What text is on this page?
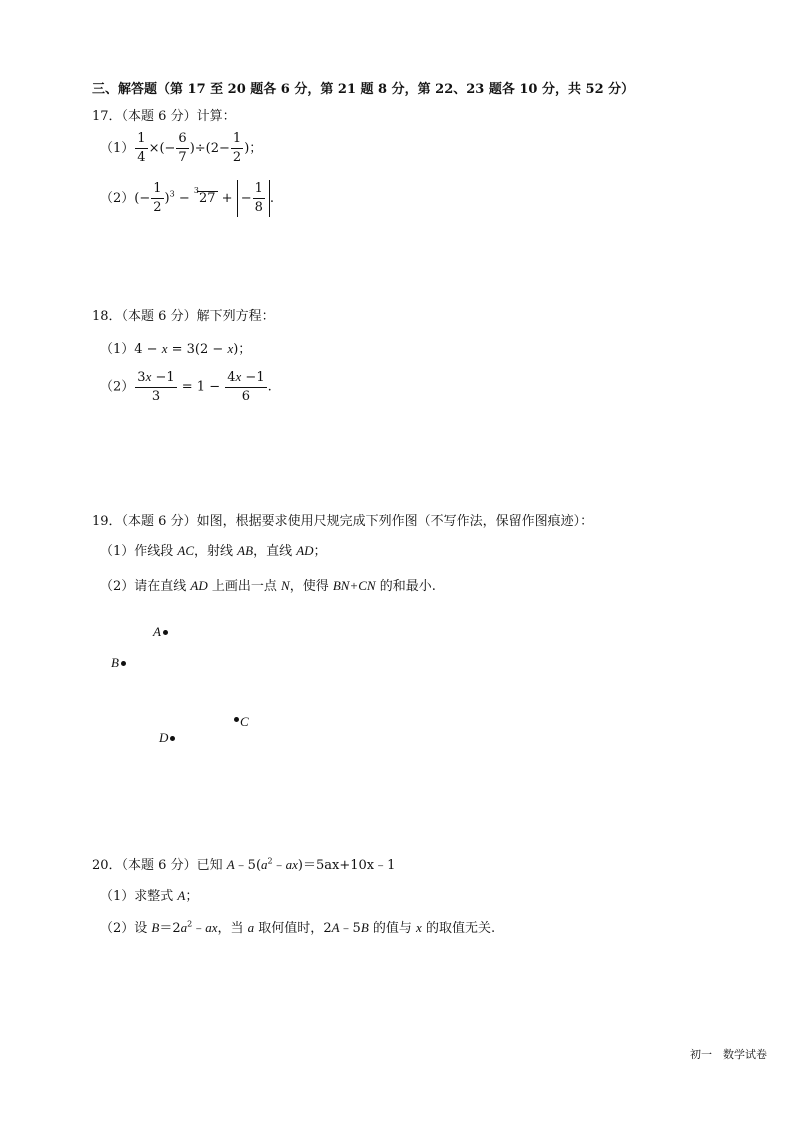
三、解答题（第 17 至 20 题各 6 分，第 21 题 8 分，第 22、23 题各 10 分，共 52 分）
17．（本题 6 分）计算：
$(1) \frac{1}{4}$ ×(− $\frac{6}{7} )\div(2- \frac{1}{2}$ )；
$(2)(- \frac{1}{2} )^3 - ^327$ + − $\frac{1}{8}$ .
18．（本题 6 分）解下列方程：
（1）4 − x = 3(2 − x)；
$(2) \frac{3x -1}{3} = 1 - \frac{4x -1}{6}$ .
19．（本题 6 分）如图，根据要求使用尺规完成下列作图（不写作法，保留作图痕迹）：
（1）作线段 AC，射线 AB，直线 AD；
（2）请在直线 AD 上画出一点 N，使得 BN+CN 的和最小.
A
B
C
D
20．（本题 6 分）已知 $A﹣5(a^2﹣ax)=5ax+10x﹣1$
（1）求整式 A；
（2）设 $B=2a^2﹣ax$，当 a 取何值时，2A﹣5B 的值与 x 的取值无关.
初一　数学试卷
